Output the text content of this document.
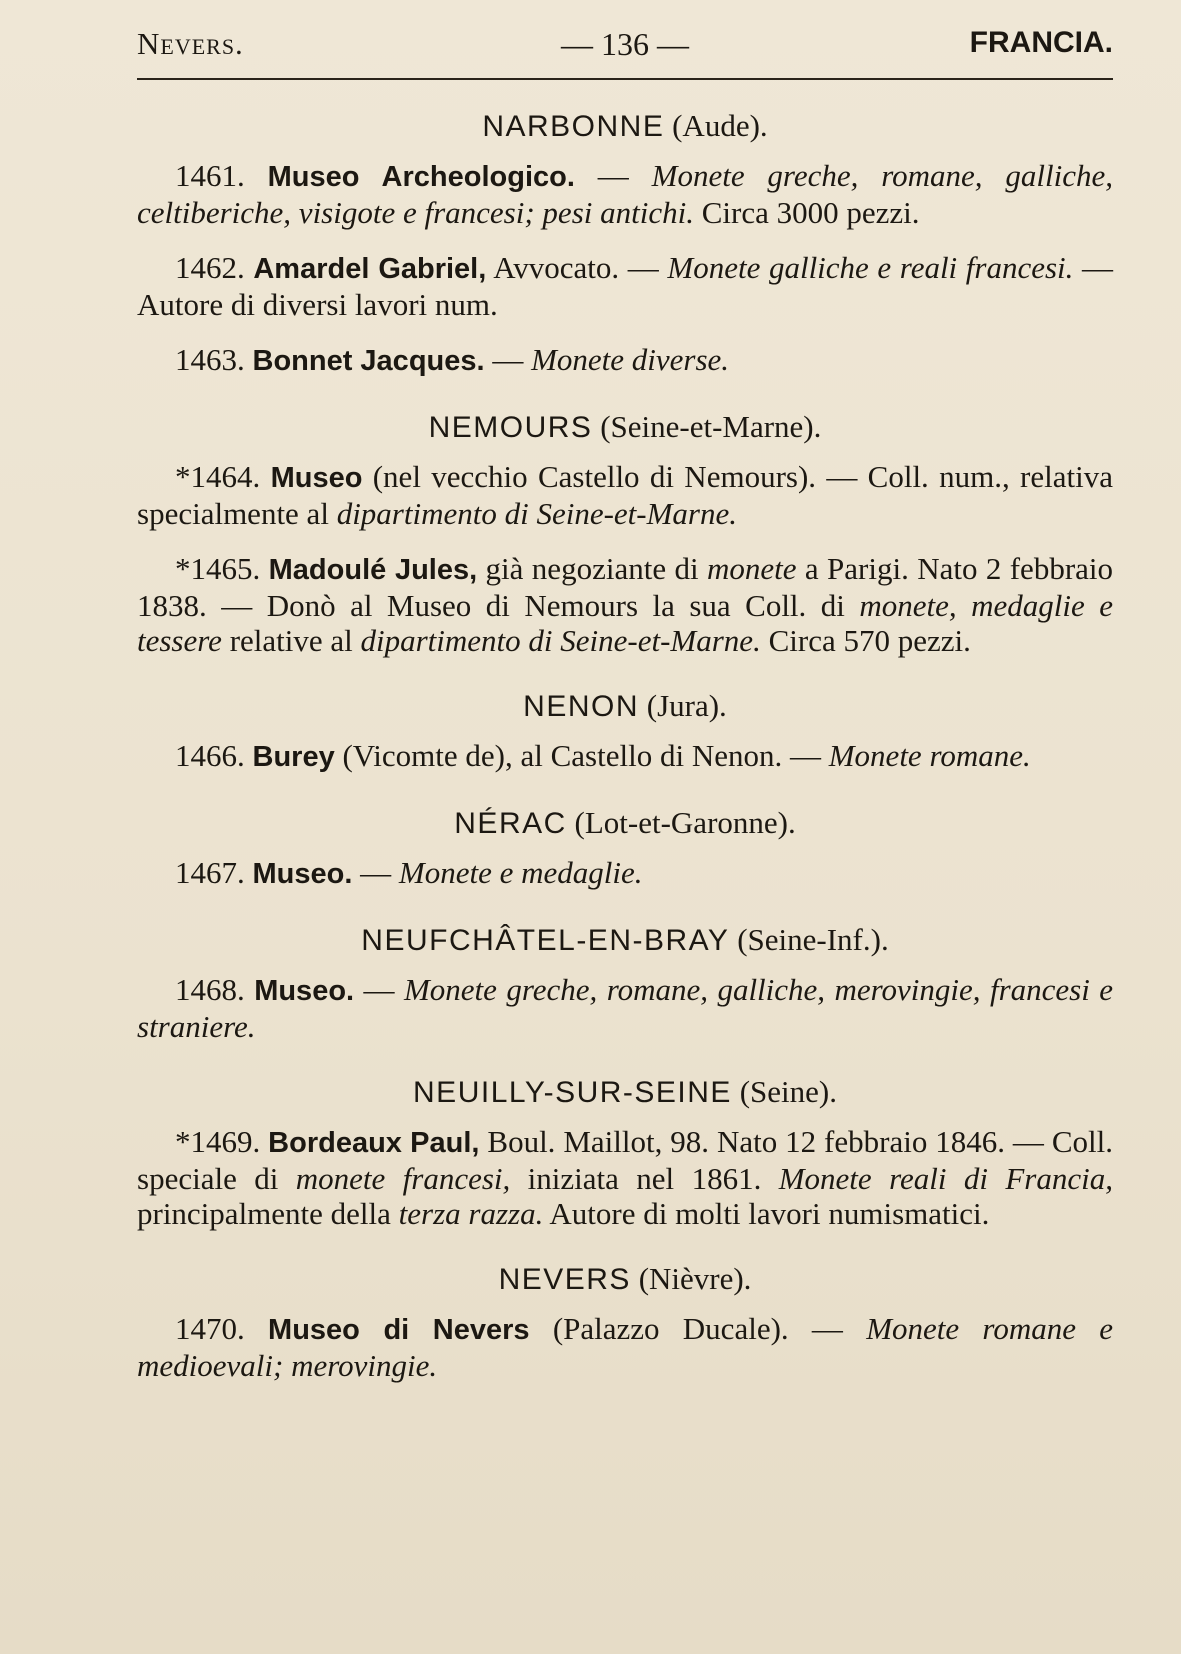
Nevers.	— 136 —	FRANCIA.
NARBONNE (Aude).

1461. Museo Archeologico. — Monete greche, romane, galliche, celtiberiche, visigote e francesi; pesi antichi. Circa 3000 pezzi.

1462. Amardel Gabriel, Avvocato. — Monete galliche e reali francesi. — Autore di diversi lavori num.

1463. Bonnet Jacques. — Monete diverse.

NEMOURS (Seine-et-Marne).

*1464. Museo (nel vecchio Castello di Nemours). — Coll. num., relativa specialmente al dipartimento di Seine-et-Marne.

*1465. Madoulé Jules, già negoziante di monete a Parigi. Nato 2 febbraio 1838. — Donò al Museo di Nemours la sua Coll. di monete, medaglie e tessere relative al dipartimento di Seine-et-Marne. Circa 570 pezzi.

NENON (Jura).

1466. Burey (Vicomte de), al Castello di Nenon. — Monete romane.

NÉRAC (Lot-et-Garonne).

1467. Museo. — Monete e medaglie.

NEUFCHÂTEL-EN-BRAY (Seine-Inf.).

1468. Museo. — Monete greche, romane, galliche, merovingie, francesi e straniere.

NEUILLY-SUR-SEINE (Seine).

*1469. Bordeaux Paul, Boul. Maillot, 98. Nato 12 febbraio 1846. — Coll. speciale di monete francesi, iniziata nel 1861. Monete reali di Francia, principalmente della terza razza. Autore di molti lavori numismatici.

NEVERS (Nièvre).

1470. Museo di Nevers (Palazzo Ducale). — Monete romane e medioevali; merovingie.
